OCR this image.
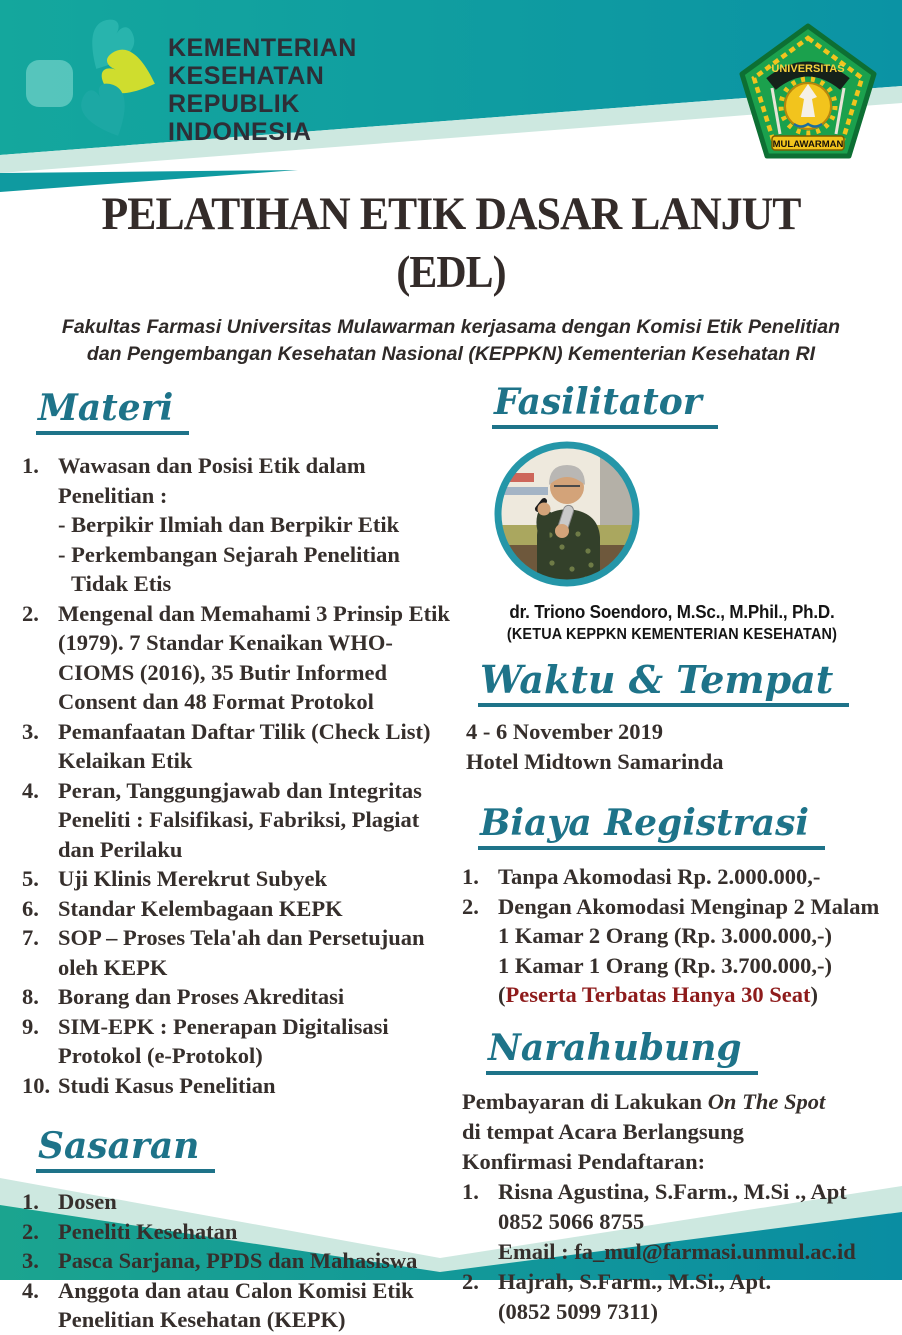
KEMENTERIAN
KESEHATAN
REPUBLIK
INDONESIA
UNIVERSITAS
MULAWARMAN
PELATIHAN ETIK DASAR LANJUT
(EDL)
Fakultas Farmasi Universitas Mulawarman kerjasama dengan Komisi Etik Penelitian
dan Pengembangan Kesehatan Nasional (KEPPKN) Kementerian Kesehatan RI
Materi
1. Wawasan dan Posisi Etik dalam Penelitian :
- Berpikir Ilmiah dan Berpikir Etik
- Perkembangan Sejarah Penelitian Tidak Etis
2. Mengenal dan Memahami 3 Prinsip Etik (1979). 7 Standar Kenaikan WHO-CIOMS (2016), 35 Butir Informed Consent dan 48 Format Protokol
3. Pemanfaatan Daftar Tilik (Check List) Kelaikan Etik
4. Peran, Tanggungjawab dan Integritas Peneliti : Falsifikasi, Fabriksi, Plagiat dan Perilaku
5. Uji Klinis Merekrut Subyek
6. Standar Kelembagaan KEPK
7. SOP – Proses Tela'ah dan Persetujuan oleh KEPK
8. Borang dan Proses Akreditasi
9. SIM-EPK : Penerapan Digitalisasi Protokol (e-Protokol)
10. Studi Kasus Penelitian
Sasaran
1. Dosen
2. Peneliti Kesehatan
3. Pasca Sarjana, PPDS dan Mahasiswa
4. Anggota dan atau Calon Komisi Etik Penelitian Kesehatan (KEPK)
Fasilitator
dr. Triono Soendoro, M.Sc., M.Phil., Ph.D.
(KETUA KEPPKN KEMENTERIAN KESEHATAN)
Waktu & Tempat
4 - 6 November 2019
Hotel Midtown Samarinda
Biaya Registrasi
1. Tanpa Akomodasi Rp. 2.000.000,-
2. Dengan Akomodasi Menginap 2 Malam
1 Kamar 2 Orang (Rp. 3.000.000,-)
1 Kamar 1 Orang (Rp. 3.700.000,-)
(Peserta Terbatas Hanya 30 Seat)
Narahubung
Pembayaran di Lakukan On The Spot
di tempat Acara Berlangsung
Konfirmasi Pendaftaran:
1. Risna Agustina, S.Farm., M.Si ., Apt
0852 5066 8755
Email : fa_mul@farmasi.unmul.ac.id
2. Hajrah, S.Farm., M.Si., Apt.
(0852 5099 7311)
